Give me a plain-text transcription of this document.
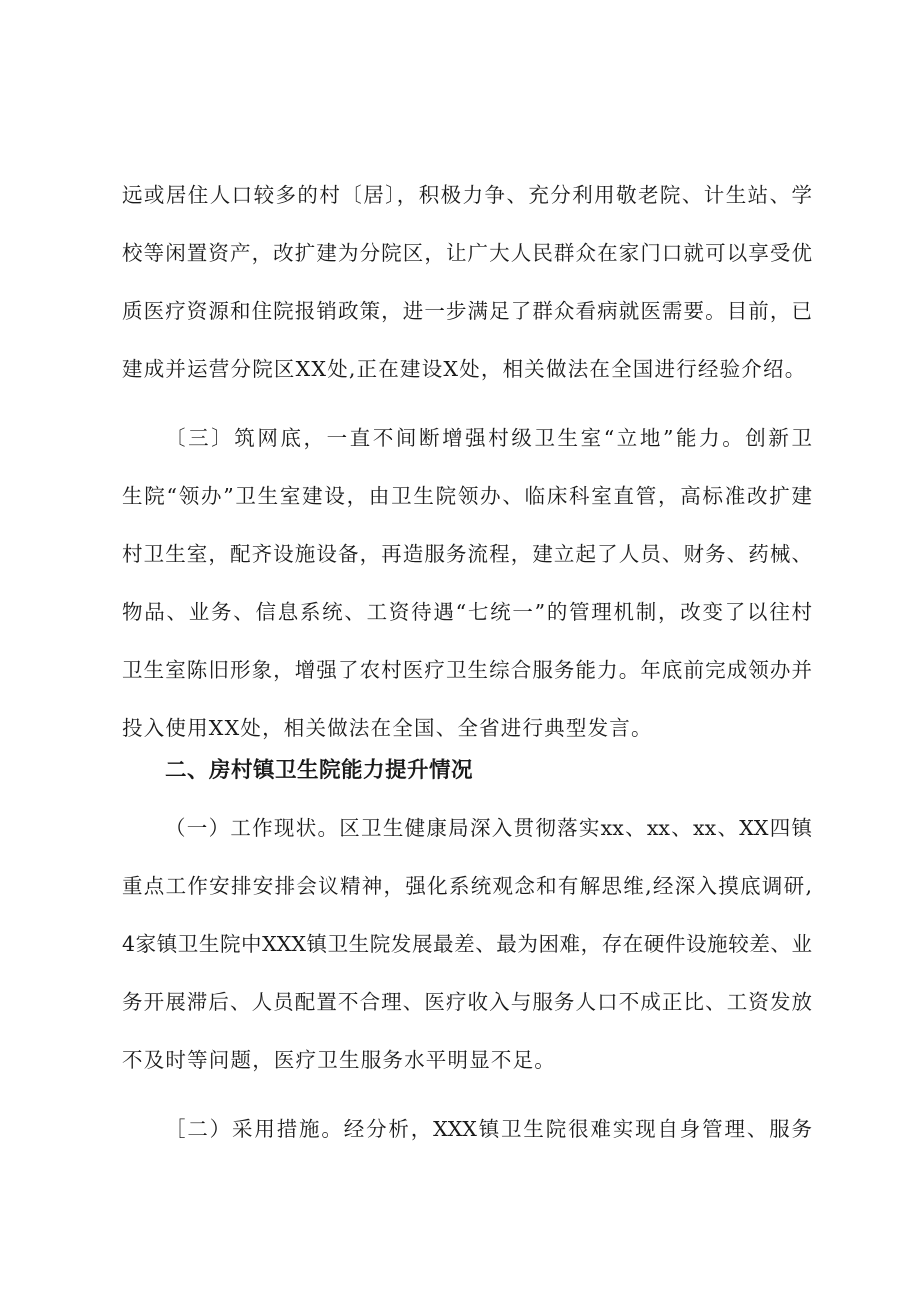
远或居住人口较多的村〔居〕，积极力争、充分利用敬老院、计生站、学
校等闲置资产，改扩建为分院区，让广大人民群众在家门口就可以享受优
质医疗资源和住院报销政策，进一步满足了群众看病就医需要。目前，已
建成并运营分院区XX处,正在建设X处，相关做法在全国进行经验介绍。
〔三〕筑网底，一直不间断增强村级卫生室“立地”能力。创新卫
生院“领办”卫生室建设，由卫生院领办、临床科室直管，高标准改扩建
村卫生室，配齐设施设备，再造服务流程，建立起了人员、财务、药械、
物品、业务、信息系统、工资待遇“七统一”的管理机制，改变了以往村
卫生室陈旧形象，增强了农村医疗卫生综合服务能力。年底前完成领办并
投入使用XX处，相关做法在全国、全省进行典型发言。
二、房村镇卫生院能力提升情况
（一）工作现状。区卫生健康局深入贯彻落实xx、xx、xx、XX四镇
重点工作安排安排会议精神，强化系统观念和有解思维,经深入摸底调研,
4家镇卫生院中XXX镇卫生院发展最差、最为困难，存在硬件设施较差、业
务开展滞后、人员配置不合理、医疗收入与服务人口不成正比、工资发放
不及时等问题，医疗卫生服务水平明显不足。
［二）采用措施。经分析，XXX镇卫生院很难实现自身管理、服务
